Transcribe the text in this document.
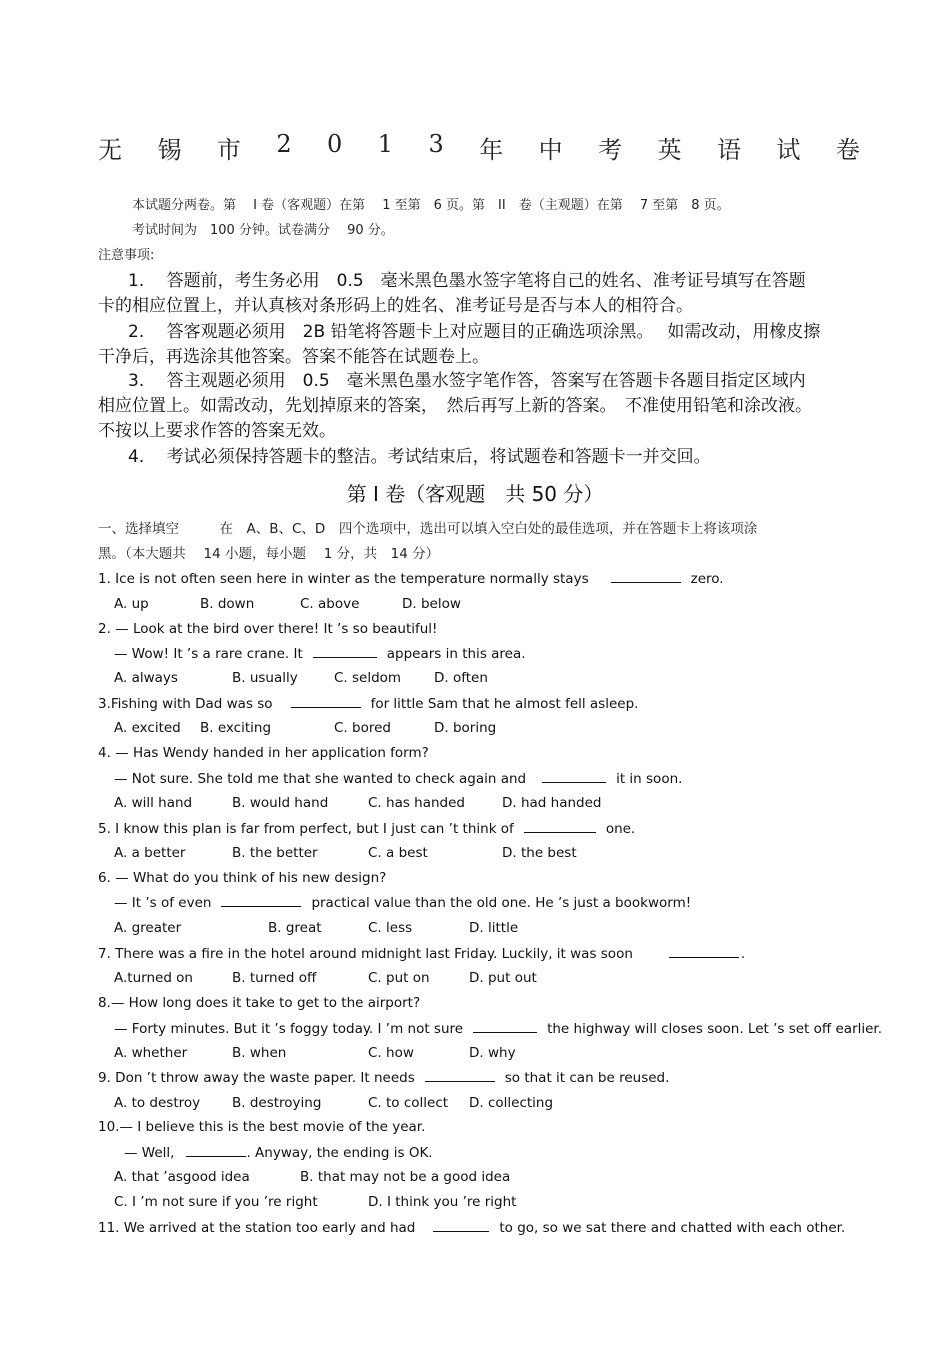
无 锡 市 2 0 1 3 年 中 考 英 语 试 卷
本试题分两卷。第　 I 卷（客观题）在第　 1 至第　6 页。第　II　卷（主观题）在第　 7 至第　8 页。
考试时间为　100 分钟。试卷满分　 90 分。
注意事项:
1.　 答题前，考生务必用　0.5　毫米黑色墨水签字笔将自己的姓名、准考证号填写在答题
卡的相应位置上，并认真核对条形码上的姓名、准考证号是否与本人的相符合。
2.　 答客观题必须用　2B 铅笔将答题卡上对应题目的正确选项涂黑。　 如需改动，用橡皮擦
干净后，再选涂其他答案。答案不能答在试题卷上。
3.　 答主观题必须用　0.5　毫米黑色墨水签字笔作答，答案写在答题卡各题目指定区域内
相应位置上。如需改动，先划掉原来的答案，　然后再写上新的答案。　不准使用铅笔和涂改液。
不按以上要求作答的答案无效。
4.　 考试必须保持答题卡的整洁。考试结束后，将试题卷和答题卡一并交回。
第 I 卷（客观题　共 50 分）
一、选择填空　　　在　A、B、C、D　四个选项中，选出可以填入空白处的最佳选项，并在答题卡上将该项涂
黑。（本大题共　 14 小题，每小题　 1 分，共　14 分）
1. Ice is not often seen here in winter as the temperature normally stays	zero.
A. up	B. down	C. above	D. below
2. — Look at the bird over there! It ’s so beautiful!
— Wow! It ’s a rare crane. It	appears in this area.
A. always	B. usually	C. seldom D. often
3.Fishing with Dad was so	for little Sam that he almost fell asleep.
A. excited B. exciting	C. bored	D. boring
4. — Has Wendy handed in her application form?
— Not sure. She told me that she wanted to check again and	it in soon.
A. will hand	B. would hand	C. has handed	D. had handed
5. I know this plan is far from perfect, but I just can ’t think of	one.
A. a better	B. the better	C. a best	D. the best
6. — What do you think of his new design?
— It ’s of even	practical value than the old one. He ’s just a bookworm!
A. greater	B. great	C. less	D. little
7. There was a fire in the hotel around midnight last Friday. Luckily, it was soon	.
A.turned on	B. turned off	C. put on	D. put out
8.— How long does it take to get to the airport?
— Forty minutes. But it ’s foggy today. I ’m not sure	the highway will closes soon. Let ’s set off earlier.
A. whether	B. when	C. how	D. why
9. Don ’t throw away the waste paper. It needs	so that it can be reused.
A. to destroy B. destroying	C. to collect D. collecting
10.— I believe this is the best movie of the year.
— Well,	. Anyway, the ending is OK.
A. that ’asgood idea	B. that may not be a good idea
C. I ’m not sure if you ’re right	D. I think you ’re right
11. We arrived at the station too early and had	to go, so we sat there and chatted with each other.
